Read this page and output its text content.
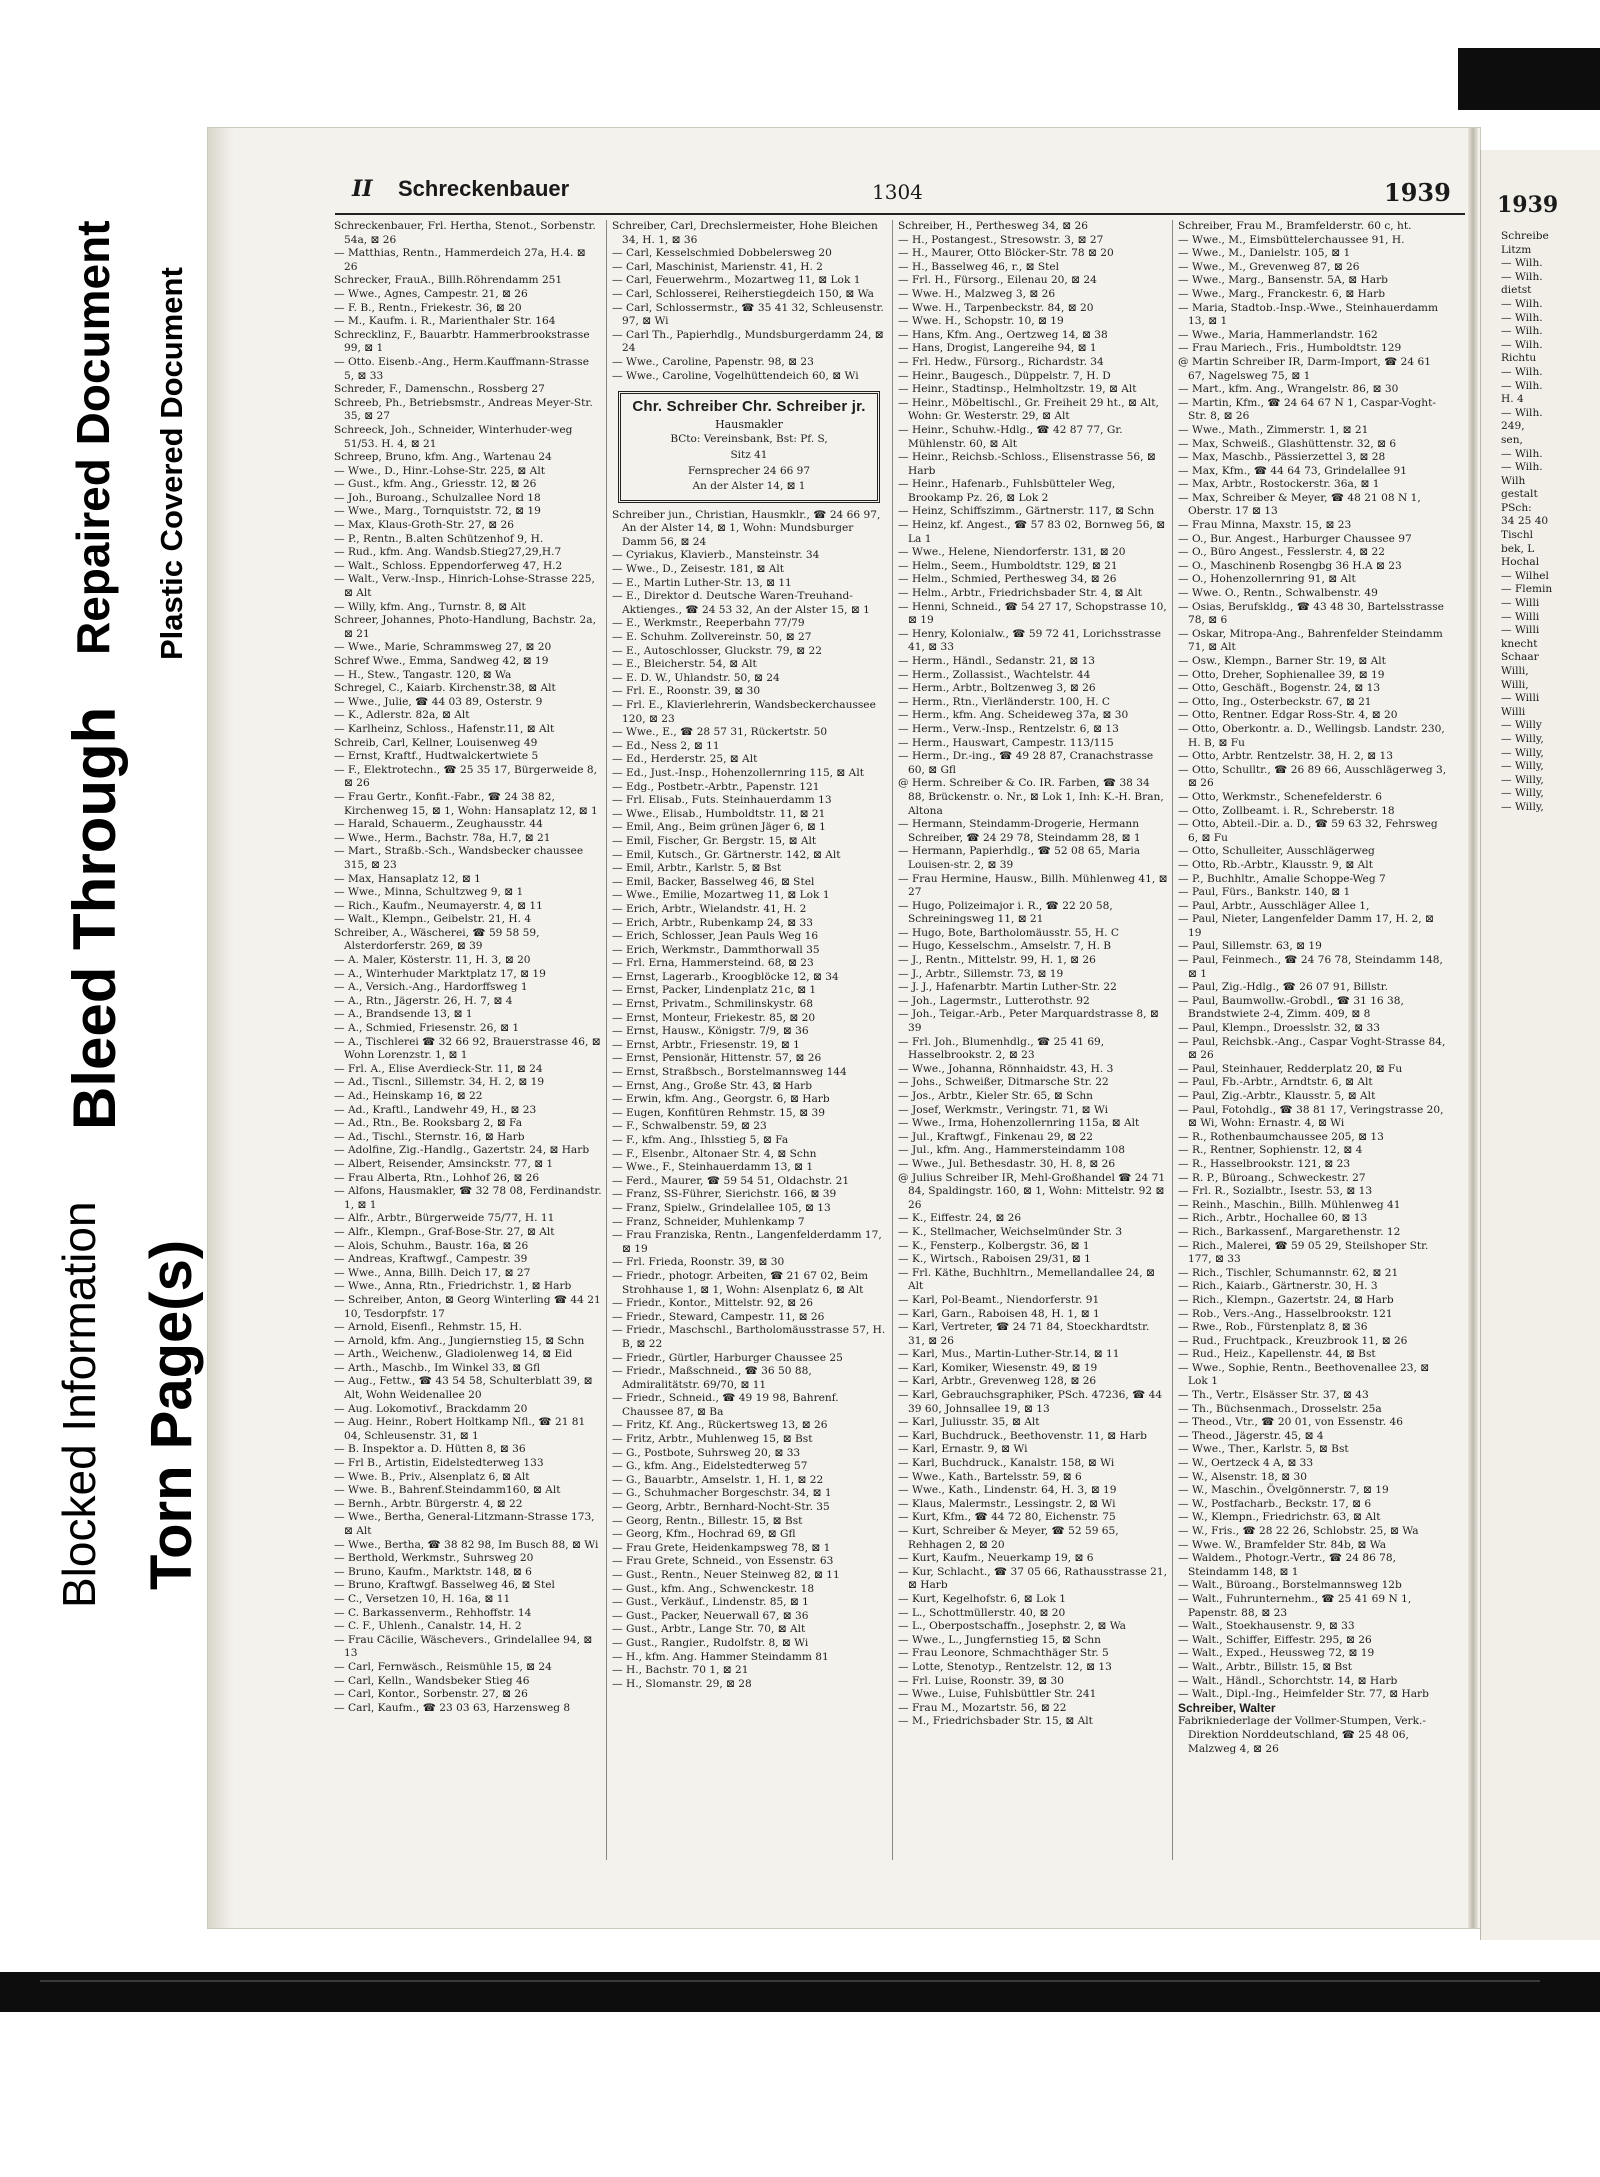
Torn Page(s)
Blocked Information
Bleed Through
Repaired Document Plastic Covered Document
1939
Schreibe
Litzm
— Wilh.
— Wilh.
dietst
— Wilh.
— Wilh.
— Wilh.
— Wilh.
Richtu
— Wilh.
— Wilh.
H. 4
— Wilh.
249,
sen,
— Wilh.
— Wilh.
Wilh
gestalt
PSch:
34 25 40
Tischl
bek, L
Hochal
— Wilhel
— Flemin
— Willi
— Willi
— Willi
knecht
Schaar
Willi,
Willi,
— Willi
Willi
— Willy
— Willy,
— Willy,
— Willy,
— Willy,
— Willy,
— Willy,
II Schreckenbauer	1304	1939

Schreckenbauer, Frl. Hertha, Stenot., Sorbenstr. 54a, ⊠ 26

— Matthias, Rentn., Hammerdeich 27a, H.4. ⊠ 26

Schrecker, FrauA., Billh.Röhrendamm 251

— Wwe., Agnes, Campestr. 21, ⊠ 26

— F. B., Rentn., Friekestr. 36, ⊠ 20

— M., Kaufm. i. R., Marienthaler Str. 164

Schrecklinz, F., Bauarbtr. Hammerbrookstrasse 99, ⊠ 1

— Otto. Eisenb.-Ang., Herm.Kauffmann-Strasse 5, ⊠ 33

Schreder, F., Damenschn., Rossberg 27

Schreeb, Ph., Betriebsmstr., Andreas Meyer-Str. 35, ⊠ 27

Schreeck, Joh., Schneider, Winterhuder-weg 51/53. H. 4, ⊠ 21

Schreep, Bruno, kfm. Ang., Wartenau 24

— Wwe., D., Hinr.-Lohse-Str. 225, ⊠ Alt

— Gust., kfm. Ang., Griesstr. 12, ⊠ 26

— Joh., Buroang., Schulzallee Nord 18

— Wwe., Marg., Tornquiststr. 72, ⊠ 19

— Max, Klaus-Groth-Str. 27, ⊠ 26

— P., Rentn., B.alten Schützenhof 9, H.

— Rud., kfm. Ang. Wandsb.Stieg27,29,H.7

— Walt., Schloss. Eppendorferweg 47, H.2

— Walt., Verw.-Insp., Hinrich-Lohse-Strasse 225, ⊠ Alt

— Willy, kfm. Ang., Turnstr. 8, ⊠ Alt

Schreer, Johannes, Photo-Handlung, Bachstr. 2a, ⊠ 21

— Wwe., Marie, Schrammsweg 27, ⊠ 20

Schref Wwe., Emma, Sandweg 42, ⊠ 19

— H., Stew., Tangastr. 120, ⊠ Wa

Schregel, C., Kaiarb. Kirchenstr.38, ⊠ Alt

— Wwe., Julie, ☎ 44 03 89, Osterstr. 9

— K., Adlerstr. 82a, ⊠ Alt

— Karlheinz, Schloss., Hafenstr.11, ⊠ Alt

Schreib, Carl, Kellner, Louisenweg 49

— Ernst, Kraftf., Hudtwalckertwiete 5

— F., Elektrotechn., ☎ 25 35 17, Bürgerweide 8, ⊠ 26

— Frau Gertr., Konfit.-Fabr., ☎ 24 38 82, Kirchenweg 15, ⊠ 1, Wohn: Hansaplatz 12, ⊠ 1

— Harald, Schauerm., Zeughausstr. 44

— Wwe., Herm., Bachstr. 78a, H.7, ⊠ 21

— Mart., Straßb.-Sch., Wandsbecker chaussee 315, ⊠ 23

— Max, Hansaplatz 12, ⊠ 1

— Wwe., Minna, Schultzweg 9, ⊠ 1

— Rich., Kaufm., Neumayerstr. 4, ⊠ 11

— Walt., Klempn., Geibelstr. 21, H. 4

Schreiber, A., Wäscherei, ☎ 59 58 59, Alsterdorferstr. 269, ⊠ 39

— A. Maler, Kösterstr. 11, H. 3, ⊠ 20

— A., Winterhuder Marktplatz 17, ⊠ 19

— A., Versich.-Ang., Hardorffsweg 1

— A., Rtn., Jägerstr. 26, H. 7, ⊠ 4

— A., Brandsende 13, ⊠ 1

— A., Schmied, Friesenstr. 26, ⊠ 1

— A., Tischlerei ☎ 32 66 92, Brauerstrasse 46, ⊠ Wohn Lorenzstr. 1, ⊠ 1

— Frl. A., Elise Averdieck-Str. 11, ⊠ 24

— Ad., Tiscnl., Sillemstr. 34, H. 2, ⊠ 19

— Ad., Heinskamp 16, ⊠ 22

— Ad., Kraftl., Landwehr 49, H., ⊠ 23

— Ad., Rtn., Be. Rooksbarg 2, ⊠ Fa

— Ad., Tischl., Sternstr. 16, ⊠ Harb

— Adolfine, Zig.-Handlg., Gazertstr. 24, ⊠ Harb

— Albert, Reisender, Amsinckstr. 77, ⊠ 1

— Frau Alberta, Rtn., Lohhof 26, ⊠ 26

— Alfons, Hausmakler, ☎ 32 78 08, Ferdinandstr. 1, ⊠ 1

— Alfr., Arbtr., Bürgerweide 75/77, H. 11

— Alfr., Klempn., Graf-Bose-Str. 27, ⊠ Alt

— Alois, Schuhm., Baustr. 16a, ⊠ 26

— Andreas, Kraftwgf., Campestr. 39

— Wwe., Anna, Billh. Deich 17, ⊠ 27

— Wwe., Anna, Rtn., Friedrichstr. 1, ⊠ Harb

— Schreiber, Anton, ⊠ Georg Winterling ☎ 44 21 10, Tesdorpfstr. 17

— Arnold, Eisenfl., Rehmstr. 15, H.

— Arnold, kfm. Ang., Jungiernstieg 15, ⊠ Schn

— Arth., Weichenw., Gladiolenweg 14, ⊠ Eid

— Arth., Maschb., Im Winkel 33, ⊠ Gfl

— Aug., Fettw., ☎ 43 54 58, Schulterblatt 39, ⊠ Alt, Wohn Weidenallee 20

— Aug. Lokomotivf., Brackdamm 20

— Aug. Heinr., Robert Holtkamp Nfl., ☎ 21 81 04, Schleusenstr. 31, ⊠ 1

— B. Inspektor a. D. Hütten 8, ⊠ 36

— Frl B., Artistin, Eidelstedterweg 133

— Wwe. B., Priv., Alsenplatz 6, ⊠ Alt

— Wwe. B., Bahrenf.Steindamm160, ⊠ Alt

— Bernh., Arbtr. Bürgerstr. 4, ⊠ 22

— Wwe., Bertha, General-Litzmann-Strasse 173, ⊠ Alt

— Wwe., Bertha, ☎ 38 82 98, Im Busch 88, ⊠ Wi

— Berthold, Werkmstr., Suhrsweg 20

— Bruno, Kaufm., Marktstr. 148, ⊠ 6

— Bruno, Kraftwgf. Basselweg 46, ⊠ Stel

— C., Versetzen 10, H. 16a, ⊠ 11

— C. Barkassenverm., Rehhoffstr. 14

— C. F., Uhlenh., Canalstr. 14, H. 2

— Frau Cäcilie, Wäschevers., Grindelallee 94, ⊠ 13

— Carl, Fernwäsch., Reismühle 15, ⊠ 24

— Carl, Kelln., Wandsbeker Stieg 46

— Carl, Kontor., Sorbenstr. 27, ⊠ 26

— Carl, Kaufm., ☎ 23 03 63, Harzensweg 8

Schreiber, Carl, Drechslermeister, Hohe Bleichen 34, H. 1, ⊠ 36

— Carl, Kesselschmied Dobbelersweg 20

— Carl, Maschinist, Marienstr. 41, H. 2

— Carl, Feuerwehrm., Mozartweg 11, ⊠ Lok 1

— Carl, Schlosserei, Reiherstiegdeich 150, ⊠ Wa

— Carl, Schlossermstr., ☎ 35 41 32, Schleusenstr. 97, ⊠ Wi

— Carl Th., Papierhdlg., Mundsburgerdamm 24, ⊠ 24

— Wwe., Caroline, Papenstr. 98, ⊠ 23

— Wwe., Caroline, Vogelhüttendeich 60, ⊠ Wi

Chr. Schreiber Chr. Schreiber jr.
Hausmakler
BCto: Vereinsbank, Bst: Pf. S,
Sitz 41
Fernsprecher 24 66 97
An der Alster 14, ⊠ 1

Schreiber jun., Christian, Hausmklr., ☎ 24 66 97, An der Alster 14, ⊠ 1, Wohn: Mundsburger Damm 56, ⊠ 24

— Cyriakus, Klavierb., Mansteinstr. 34

— Wwe., D., Zeisestr. 181, ⊠ Alt

— E., Martin Luther-Str. 13, ⊠ 11

— E., Direktor d. Deutsche Waren-Treuhand-Aktienges., ☎ 24 53 32, An der Alster 15, ⊠ 1

— E., Werkmstr., Reeperbahn 77/79

— E. Schuhm. Zollvereinstr. 50, ⊠ 27

— E., Autoschlosser, Gluckstr. 79, ⊠ 22

— E., Bleicherstr. 54, ⊠ Alt

— E. D. W., Uhlandstr. 50, ⊠ 24

— Frl. E., Roonstr. 39, ⊠ 30

— Frl. E., Klavierlehrerin, Wandsbeckerchaussee 120, ⊠ 23

— Wwe., E., ☎ 28 57 31, Rückertstr. 50

— Ed., Ness 2, ⊠ 11

— Ed., Herderstr. 25, ⊠ Alt

— Ed., Just.-Insp., Hohenzollernring 115, ⊠ Alt

— Edg., Postbetr.-Arbtr., Papenstr. 121

— Frl. Elisab., Futs. Steinhauerdamm 13

— Wwe., Elisab., Humboldtstr. 11, ⊠ 21

— Emil, Ang., Beim grünen Jäger 6, ⊠ 1

— Emil, Fischer, Gr. Bergstr. 15, ⊠ Alt

— Emil, Kutsch., Gr. Gärtnerstr. 142, ⊠ Alt

— Emil, Arbtr., Karlstr. 5, ⊠ Bst

— Emil, Backer, Basselweg 46, ⊠ Stel

— Wwe., Emilie, Mozartweg 11, ⊠ Lok 1

— Erich, Arbtr., Wielandstr. 41, H. 2

— Erich, Arbtr., Rubenkamp 24, ⊠ 33

— Erich, Schlosser, Jean Pauls Weg 16

— Erich, Werkmstr., Dammthorwall 35

— Frl. Erna, Hammersteind. 68, ⊠ 23

— Ernst, Lagerarb., Kroogblöcke 12, ⊠ 34

— Ernst, Packer, Lindenplatz 21c, ⊠ 1

— Ernst, Privatm., Schmilinskystr. 68

— Ernst, Monteur, Friekestr. 85, ⊠ 20

— Ernst, Hausw., Königstr. 7/9, ⊠ 36

— Ernst, Arbtr., Friesenstr. 19, ⊠ 1

— Ernst, Pensionär, Hittenstr. 57, ⊠ 26

— Ernst, Straßbsch., Borstelmannsweg 144

— Ernst, Ang., Große Str. 43, ⊠ Harb

— Erwin, kfm. Ang., Georgstr. 6, ⊠ Harb

— Eugen, Konfitüren Rehmstr. 15, ⊠ 39

— F., Schwalbenstr. 59, ⊠ 23

— F., kfm. Ang., Ihlsstieg 5, ⊠ Fa

— F., Elsenbr., Altonaer Str. 4, ⊠ Schn

— Wwe., F., Steinhauerdamm 13, ⊠ 1

— Ferd., Maurer, ☎ 59 54 51, Oldachstr. 21

— Franz, SS-Führer, Sierichstr. 166, ⊠ 39

— Franz, Spielw., Grindelallee 105, ⊠ 13

— Franz, Schneider, Muhlenkamp 7

— Frau Franziska, Rentn., Langenfelderdamm 17, ⊠ 19

— Frl. Frieda, Roonstr. 39, ⊠ 30

— Friedr., photogr. Arbeiten, ☎ 21 67 02, Beim Strohhause 1, ⊠ 1, Wohn: Alsenplatz 6, ⊠ Alt

— Friedr., Kontor., Mittelstr. 92, ⊠ 26

— Friedr., Steward, Campestr. 11, ⊠ 26

— Friedr., Maschschl., Bartholomäusstrasse 57, H. B, ⊠ 22

— Friedr., Gürtler, Harburger Chaussee 25

— Friedr., Maßschneid., ☎ 36 50 88, Admiralitätstr. 69/70, ⊠ 11

— Friedr., Schneid., ☎ 49 19 98, Bahrenf. Chaussee 87, ⊠ Ba

— Fritz, Kf. Ang., Rückertsweg 13, ⊠ 26

— Fritz, Arbtr., Muhlenweg 15, ⊠ Bst

— G., Postbote, Suhrsweg 20, ⊠ 33

— G., kfm. Ang., Eidelstedterweg 57

— G., Bauarbtr., Amselstr. 1, H. 1, ⊠ 22

— G., Schuhmacher Borgeschstr. 34, ⊠ 1

— Georg, Arbtr., Bernhard-Nocht-Str. 35

— Georg, Rentn., Billestr. 15, ⊠ Bst

— Georg, Kfm., Hochrad 69, ⊠ Gfl

— Frau Grete, Heidenkampsweg 78, ⊠ 1

— Frau Grete, Schneid., von Essenstr. 63

— Gust., Rentn., Neuer Steinweg 82, ⊠ 11

— Gust., kfm. Ang., Schwenckestr. 18

— Gust., Verkäuf., Lindenstr. 85, ⊠ 1

— Gust., Packer, Neuerwall 67, ⊠ 36

— Gust., Arbtr., Lange Str. 70, ⊠ Alt

— Gust., Rangier., Rudolfstr. 8, ⊠ Wi

— H., kfm. Ang. Hammer Steindamm 81

— H., Bachstr. 70 1, ⊠ 21

— H., Slomanstr. 29, ⊠ 28

Schreiber, H., Perthesweg 34, ⊠ 26

— H., Postangest., Stresowstr. 3, ⊠ 27

— H., Maurer, Otto Blöcker-Str. 78 ⊠ 20

— H., Basselweg 46, r., ⊠ Stel

— Frl. H., Fürsorg., Eilenau 20, ⊠ 24

— Wwe. H., Malzweg 3, ⊠ 26

— Wwe. H., Tarpenbeckstr. 84, ⊠ 20

— Wwe. H., Schopstr. 10, ⊠ 19

— Hans, Kfm. Ang., Oertzweg 14, ⊠ 38

— Hans, Drogist, Langereihe 94, ⊠ 1

— Frl. Hedw., Fürsorg., Richardstr. 34

— Heinr., Baugesch., Düppelstr. 7, H. D

— Heinr., Stadtinsp., Helmholtzstr. 19, ⊠ Alt

— Heinr., Möbeltischl., Gr. Freiheit 29 ht., ⊠ Alt, Wohn: Gr. Westerstr. 29, ⊠ Alt

— Heinr., Schuhw.-Hdlg., ☎ 42 87 77, Gr. Mühlenstr. 60, ⊠ Alt

— Heinr., Reichsb.-Schloss., Elisenstrasse 56, ⊠ Harb

— Heinr., Hafenarb., Fuhlsbütteler Weg, Brookamp Pz. 26, ⊠ Lok 2

— Heinz, Schiffszimm., Gärtnerstr. 117, ⊠ Schn

— Heinz, kf. Angest., ☎ 57 83 02, Bornweg 56, ⊠ La 1

— Wwe., Helene, Niendorferstr. 131, ⊠ 20

— Helm., Seem., Humboldtstr. 129, ⊠ 21

— Helm., Schmied, Perthesweg 34, ⊠ 26

— Helm., Arbtr., Friedrichsbader Str. 4, ⊠ Alt

— Henni, Schneid., ☎ 54 27 17, Schopstrasse 10, ⊠ 19

— Henry, Kolonialw., ☎ 59 72 41, Lorichsstrasse 41, ⊠ 33

— Herm., Händl., Sedanstr. 21, ⊠ 13

— Herm., Zollassist., Wachtelstr. 44

— Herm., Arbtr., Boltzenweg 3, ⊠ 26

— Herm., Rtn., Vierländerstr. 100, H. C

— Herm., kfm. Ang. Scheideweg 37a, ⊠ 30

— Herm., Verw.-Insp., Rentzelstr. 6, ⊠ 13

— Herm., Hauswart, Campestr. 113/115

— Herm., Dr.-ing., ☎ 49 28 87, Cranachstrasse 60, ⊠ Gfl

@ Herm. Schreiber & Co. IR. Farben, ☎ 38 34 88, Brückenstr. o. Nr., ⊠ Lok 1, Inh: K.-H. Bran, Altona

— Hermann, Steindamm-Drogerie, Hermann Schreiber, ☎ 24 29 78, Steindamm 28, ⊠ 1

— Hermann, Papierhdlg., ☎ 52 08 65, Maria Louisen-str. 2, ⊠ 39

— Frau Hermine, Hausw., Billh. Mühlenweg 41, ⊠ 27

— Hugo, Polizeimajor i. R., ☎ 22 20 58, Schreiningsweg 11, ⊠ 21

— Hugo, Bote, Bartholomäusstr. 55, H. C

— Hugo, Kesselschm., Amselstr. 7, H. B

— J., Rentn., Mittelstr. 99, H. 1, ⊠ 26

— J., Arbtr., Sillemstr. 73, ⊠ 19

— J. J., Hafenarbtr. Martin Luther-Str. 22

— Joh., Lagermstr., Lutterothstr. 92

— Joh., Teigar.-Arb., Peter Marquardstrasse 8, ⊠ 39

— Frl. Joh., Blumenhdlg., ☎ 25 41 69, Hasselbrookstr. 2, ⊠ 23

— Wwe., Johanna, Rönnhaidstr. 43, H. 3

— Johs., Schweißer, Ditmarsche Str. 22

— Jos., Arbtr., Kieler Str. 65, ⊠ Schn

— Josef, Werkmstr., Veringstr. 71, ⊠ Wi

— Wwe., Irma, Hohenzollernring 115a, ⊠ Alt

— Jul., Kraftwgf., Finkenau 29, ⊠ 22

— Jul., kfm. Ang., Hammersteindamm 108

— Wwe., Jul. Bethesdastr. 30, H. 8, ⊠ 26

@ Julius Schreiber IR, Mehl-Großhandel ☎ 24 71 84, Spaldingstr. 160, ⊠ 1, Wohn: Mittelstr. 92 ⊠ 26

— K., Eiffestr. 24, ⊠ 26

— K., Stellmacher, Weichselmünder Str. 3

— K., Fensterp., Kolbergstr. 36, ⊠ 1

— K., Wirtsch., Raboisen 29/31, ⊠ 1

— Frl. Käthe, Buchhltrn., Memellandallee 24, ⊠ Alt

— Karl, Pol-Beamt., Niendorferstr. 91

— Karl, Garn., Raboisen 48, H. 1, ⊠ 1

— Karl, Vertreter, ☎ 24 71 84, Stoeckhardtstr. 31, ⊠ 26

— Karl, Mus., Martin-Luther-Str.14, ⊠ 11

— Karl, Komiker, Wiesenstr. 49, ⊠ 19

— Karl, Arbtr., Grevenweg 128, ⊠ 26

— Karl, Gebrauchsgraphiker, PSch. 47236, ☎ 44 39 60, Johnsallee 19, ⊠ 13

— Karl, Juliusstr. 35, ⊠ Alt

— Karl, Buchdruck., Beethovenstr. 11, ⊠ Harb

— Karl, Ernastr. 9, ⊠ Wi

— Karl, Buchdruck., Kanalstr. 158, ⊠ Wi

— Wwe., Kath., Bartelsstr. 59, ⊠ 6

— Wwe., Kath., Lindenstr. 64, H. 3, ⊠ 19

— Klaus, Malermstr., Lessingstr. 2, ⊠ Wi

— Kurt, Kfm., ☎ 44 72 80, Eichenstr. 75

— Kurt, Schreiber & Meyer, ☎ 52 59 65, Rehhagen 2, ⊠ 20

— Kurt, Kaufm., Neuerkamp 19, ⊠ 6

— Kur, Schlacht., ☎ 37 05 66, Rathausstrasse 21, ⊠ Harb

— Kurt, Kegelhofstr. 6, ⊠ Lok 1

— L., Schottmüllerstr. 40, ⊠ 20

— L., Oberpostschaffn., Josephstr. 2, ⊠ Wa

— Wwe., L., Jungfernstieg 15, ⊠ Schn

— Frau Leonore, Schmachthäger Str. 5

— Lotte, Stenotyp., Rentzelstr. 12, ⊠ 13

— Frl. Luise, Roonstr. 39, ⊠ 30

— Wwe., Luise, Fuhlsbüttler Str. 241

— Frau M., Mozartstr. 56, ⊠ 22

— M., Friedrichsbader Str. 15, ⊠ Alt

Schreiber, Frau M., Bramfelderstr. 60 c, ht.

— Wwe., M., Eimsbüttelerchaussee 91, H.

— Wwe., M., Danielstr. 105, ⊠ 1

— Wwe., M., Grevenweg 87, ⊠ 26

— Wwe., Marg., Bansenstr. 5A, ⊠ Harb

— Wwe., Marg., Franckestr. 6, ⊠ Harb

— Maria, Stadtob.-Insp.-Wwe., Steinhauerdamm 13, ⊠ 1

— Wwe., Maria, Hammerlandstr. 162

— Frau Mariech., Fris., Humboldtstr. 129

@ Martin Schreiber IR, Darm-Import, ☎ 24 61 67, Nagelsweg 75, ⊠ 1

— Mart., kfm. Ang., Wrangelstr. 86, ⊠ 30

— Martin, Kfm., ☎ 24 64 67 N 1, Caspar-Voght-Str. 8, ⊠ 26

— Wwe., Math., Zimmerstr. 1, ⊠ 21

— Max, Schweiß., Glashüttenstr. 32, ⊠ 6

— Max, Maschb., Pässierzettel 3, ⊠ 28

— Max, Kfm., ☎ 44 64 73, Grindelallee 91

— Max, Arbtr., Rostockerstr. 36a, ⊠ 1

— Max, Schreiber & Meyer, ☎ 48 21 08 N 1, Oberstr. 17 ⊠ 13

— Frau Minna, Maxstr. 15, ⊠ 23

— O., Bur. Angest., Harburger Chaussee 97

— O., Büro Angest., Fesslerstr. 4, ⊠ 22

— O., Maschinenb Rosengbg 36 H.A ⊠ 23

— O., Hohenzollernring 91, ⊠ Alt

— Wwe. O., Rentn., Schwalbenstr. 49

— Osias, Berufskldg., ☎ 43 48 30, Bartelsstrasse 78, ⊠ 6

— Oskar, Mitropa-Ang., Bahrenfelder Steindamm 71, ⊠ Alt

— Osw., Klempn., Barner Str. 19, ⊠ Alt

— Otto, Dreher, Sophienallee 39, ⊠ 19

— Otto, Geschäft., Bogenstr. 24, ⊠ 13

— Otto, Ing., Osterbeckstr. 67, ⊠ 21

— Otto, Rentner. Edgar Ross-Str. 4, ⊠ 20

— Otto, Oberkontr. a. D., Wellingsb. Landstr. 230, H. B, ⊠ Fu

— Otto, Arbtr. Rentzelstr. 38, H. 2, ⊠ 13

— Otto, Schulltr., ☎ 26 89 66, Ausschlägerweg 3, ⊠ 26

— Otto, Werkmstr., Schenefelderstr. 6

— Otto, Zollbeamt. i. R., Schreberstr. 18

— Otto, Abteil.-Dir. a. D., ☎ 59 63 32, Fehrsweg 6, ⊠ Fu

— Otto, Schulleiter, Ausschlägerweg

— Otto, Rb.-Arbtr., Klausstr. 9, ⊠ Alt

— P., Buchhltr., Amalie Schoppe-Weg 7

— Paul, Fürs., Bankstr. 140, ⊠ 1

— Paul, Arbtr., Ausschläger Allee 1,

— Paul, Nieter, Langenfelder Damm 17, H. 2, ⊠ 19

— Paul, Sillemstr. 63, ⊠ 19

— Paul, Feinmech., ☎ 24 76 78, Steindamm 148, ⊠ 1

— Paul, Zig.-Hdlg., ☎ 26 07 91, Billstr.

— Paul, Baumwollw.-Grobdl., ☎ 31 16 38, Brandstwiete 2-4, Zimm. 409, ⊠ 8

— Paul, Klempn., Droesslstr. 32, ⊠ 33

— Paul, Reichsbk.-Ang., Caspar Voght-Strasse 84, ⊠ 26

— Paul, Steinhauer, Redderplatz 20, ⊠ Fu

— Paul, Fb.-Arbtr., Arndtstr. 6, ⊠ Alt

— Paul, Zig.-Arbtr., Klausstr. 5, ⊠ Alt

— Paul, Fotohdlg., ☎ 38 81 17, Veringstrasse 20, ⊠ Wi, Wohn: Ernastr. 4, ⊠ Wi

— R., Rothenbaumchaussee 205, ⊠ 13

— R., Rentner, Sophienstr. 12, ⊠ 4

— R., Hasselbrookstr. 121, ⊠ 23

— R. P., Büroang., Schweckestr. 27

— Frl. R., Sozialbtr., Isestr. 53, ⊠ 13

— Reinh., Maschin., Billh. Mühlenweg 41

— Rich., Arbtr., Hochallee 60, ⊠ 13

— Rich., Barkassenf., Margarethenstr. 12

— Rich., Malerei, ☎ 59 05 29, Steilshoper Str. 177, ⊠ 33

— Rich., Tischler, Schumannstr. 62, ⊠ 21

— Rich., Kaiarb., Gärtnerstr. 30, H. 3

— Rich., Klempn., Gazertstr. 24, ⊠ Harb

— Rob., Vers.-Ang., Hasselbrookstr. 121

— Rwe., Rob., Fürstenplatz 8, ⊠ 36

— Rud., Fruchtpack., Kreuzbrook 11, ⊠ 26

— Rud., Heiz., Kapellenstr. 44, ⊠ Bst

— Wwe., Sophie, Rentn., Beethovenallee 23, ⊠ Lok 1

— Th., Vertr., Elsässer Str. 37, ⊠ 43

— Th., Büchsenmach., Drosselstr. 25a

— Theod., Vtr., ☎ 20 01, von Essenstr. 46

— Theod., Jägerstr. 45, ⊠ 4

— Wwe., Ther., Karlstr. 5, ⊠ Bst

— W., Oertzeck 4 A, ⊠ 33

— W., Alsenstr. 18, ⊠ 30

— W., Maschin., Övelgönnerstr. 7, ⊠ 19

— W., Postfacharb., Beckstr. 17, ⊠ 6

— W., Klempn., Friedrichstr. 63, ⊠ Alt

— W., Fris., ☎ 28 22 26, Schlobstr. 25, ⊠ Wa

— Wwe. W., Bramfelder Str. 84b, ⊠ Wa

— Waldem., Photogr.-Vertr., ☎ 24 86 78, Steindamm 148, ⊠ 1

— Walt., Büroang., Borstelmannsweg 12b

— Walt., Fuhrunternehm., ☎ 25 41 69 N 1, Papenstr. 88, ⊠ 23

— Walt., Stoekhausenstr. 9, ⊠ 33

— Walt., Schiffer, Eiffestr. 295, ⊠ 26

— Walt., Exped., Heussweg 72, ⊠ 19

— Walt., Arbtr., Billstr. 15, ⊠ Bst

— Walt., Händl., Schorchtstr. 14, ⊠ Harb

— Walt., Dipl.-Ing., Heimfelder Str. 77, ⊠ Harb

Schreiber, Walter

Fabrikniederlage der Vollmer-Stumpen, Verk.-Direktion Norddeutschland, ☎ 25 48 06, Malzweg 4, ⊠ 26
